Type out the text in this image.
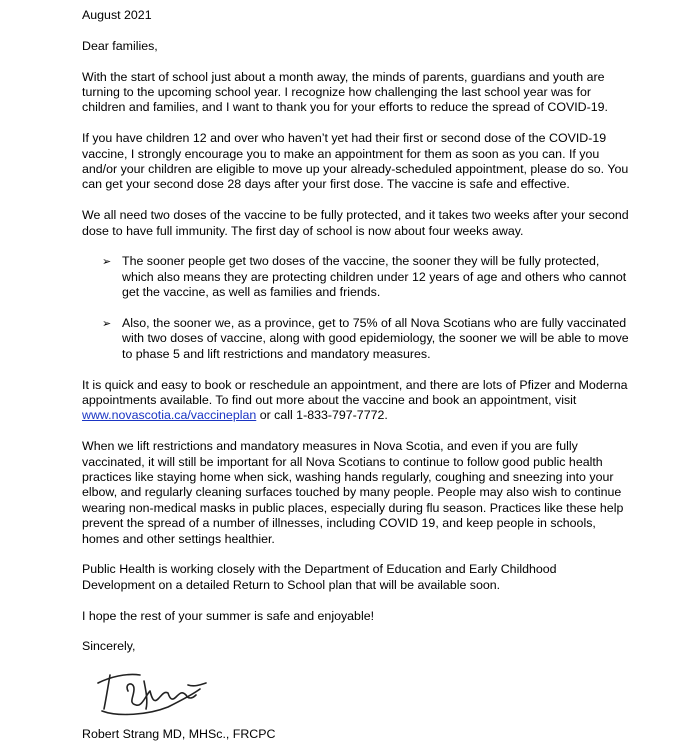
August 2021

Dear families,

With the start of school just about a month away, the minds of parents, guardians and youth are turning to the upcoming school year. I recognize how challenging the last school year was for children and families, and I want to thank you for your efforts to reduce the spread of COVID-19.

If you have children 12 and over who haven’t yet had their first or second dose of the COVID-19 vaccine, I strongly encourage you to make an appointment for them as soon as you can. If you and/or your children are eligible to move up your already-scheduled appointment, please do so. You can get your second dose 28 days after your first dose. The vaccine is safe and effective.

We all need two doses of the vaccine to be fully protected, and it takes two weeks after your second dose to have full immunity. The first day of school is now about four weeks away.

➢ The sooner people get two doses of the vaccine, the sooner they will be fully protected, which also means they are protecting children under 12 years of age and others who cannot get the vaccine, as well as families and friends.
➢ Also, the sooner we, as a province, get to 75% of all Nova Scotians who are fully vaccinated with two doses of vaccine, along with good epidemiology, the sooner we will be able to move to phase 5 and lift restrictions and mandatory measures.

It is quick and easy to book or reschedule an appointment, and there are lots of Pfizer and Moderna appointments available. To find out more about the vaccine and book an appointment, visit www.novascotia.ca/vaccineplan or call 1-833-797-7772.

When we lift restrictions and mandatory measures in Nova Scotia, and even if you are fully vaccinated, it will still be important for all Nova Scotians to continue to follow good public health practices like staying home when sick, washing hands regularly, coughing and sneezing into your elbow, and regularly cleaning surfaces touched by many people. People may also wish to continue wearing non-medical masks in public places, especially during flu season. Practices like these help prevent the spread of a number of illnesses, including COVID 19, and keep people in schools, homes and other settings healthier.

Public Health is working closely with the Department of Education and Early Childhood Development on a detailed Return to School plan that will be available soon.

I hope the rest of your summer is safe and enjoyable!

Sincerely,

Robert Strang MD, MHSc., FRCPC
